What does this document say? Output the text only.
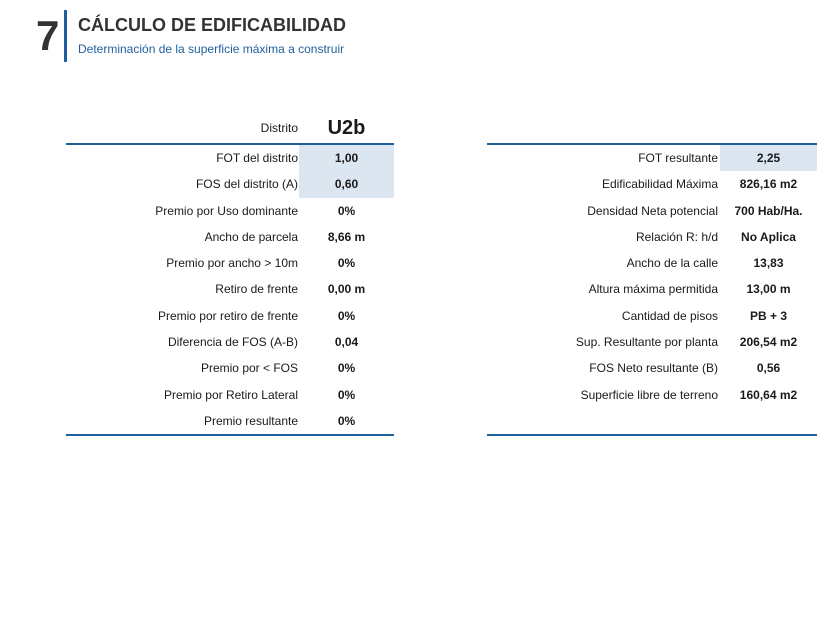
7 CÁLCULO DE EDIFICABILIDAD
Determinación de la superficie máxima a construir
Distrito	U2b
FOT del distrito	1,00
FOS del distrito (A)	0,60
Premio por Uso dominante	0%
Ancho de parcela	8,66 m
Premio por ancho > 10m	0%
Retiro de frente	0,00 m
Premio por retiro de frente	0%
Diferencia de FOS (A-B)	0,04
Premio por < FOS	0%
Premio por Retiro Lateral	0%
Premio resultante	0%
FOT resultante	2,25
Edificabilidad Máxima	826,16 m2
Densidad Neta potencial	700 Hab/Ha.
Relación R: h/d	No Aplica
Ancho de la calle	13,83
Altura máxima permitida	13,00 m
Cantidad de pisos	PB + 3
Sup. Resultante por planta	206,54 m2
FOS Neto resultante (B)	0,56
Superficie libre de terreno	160,64 m2
